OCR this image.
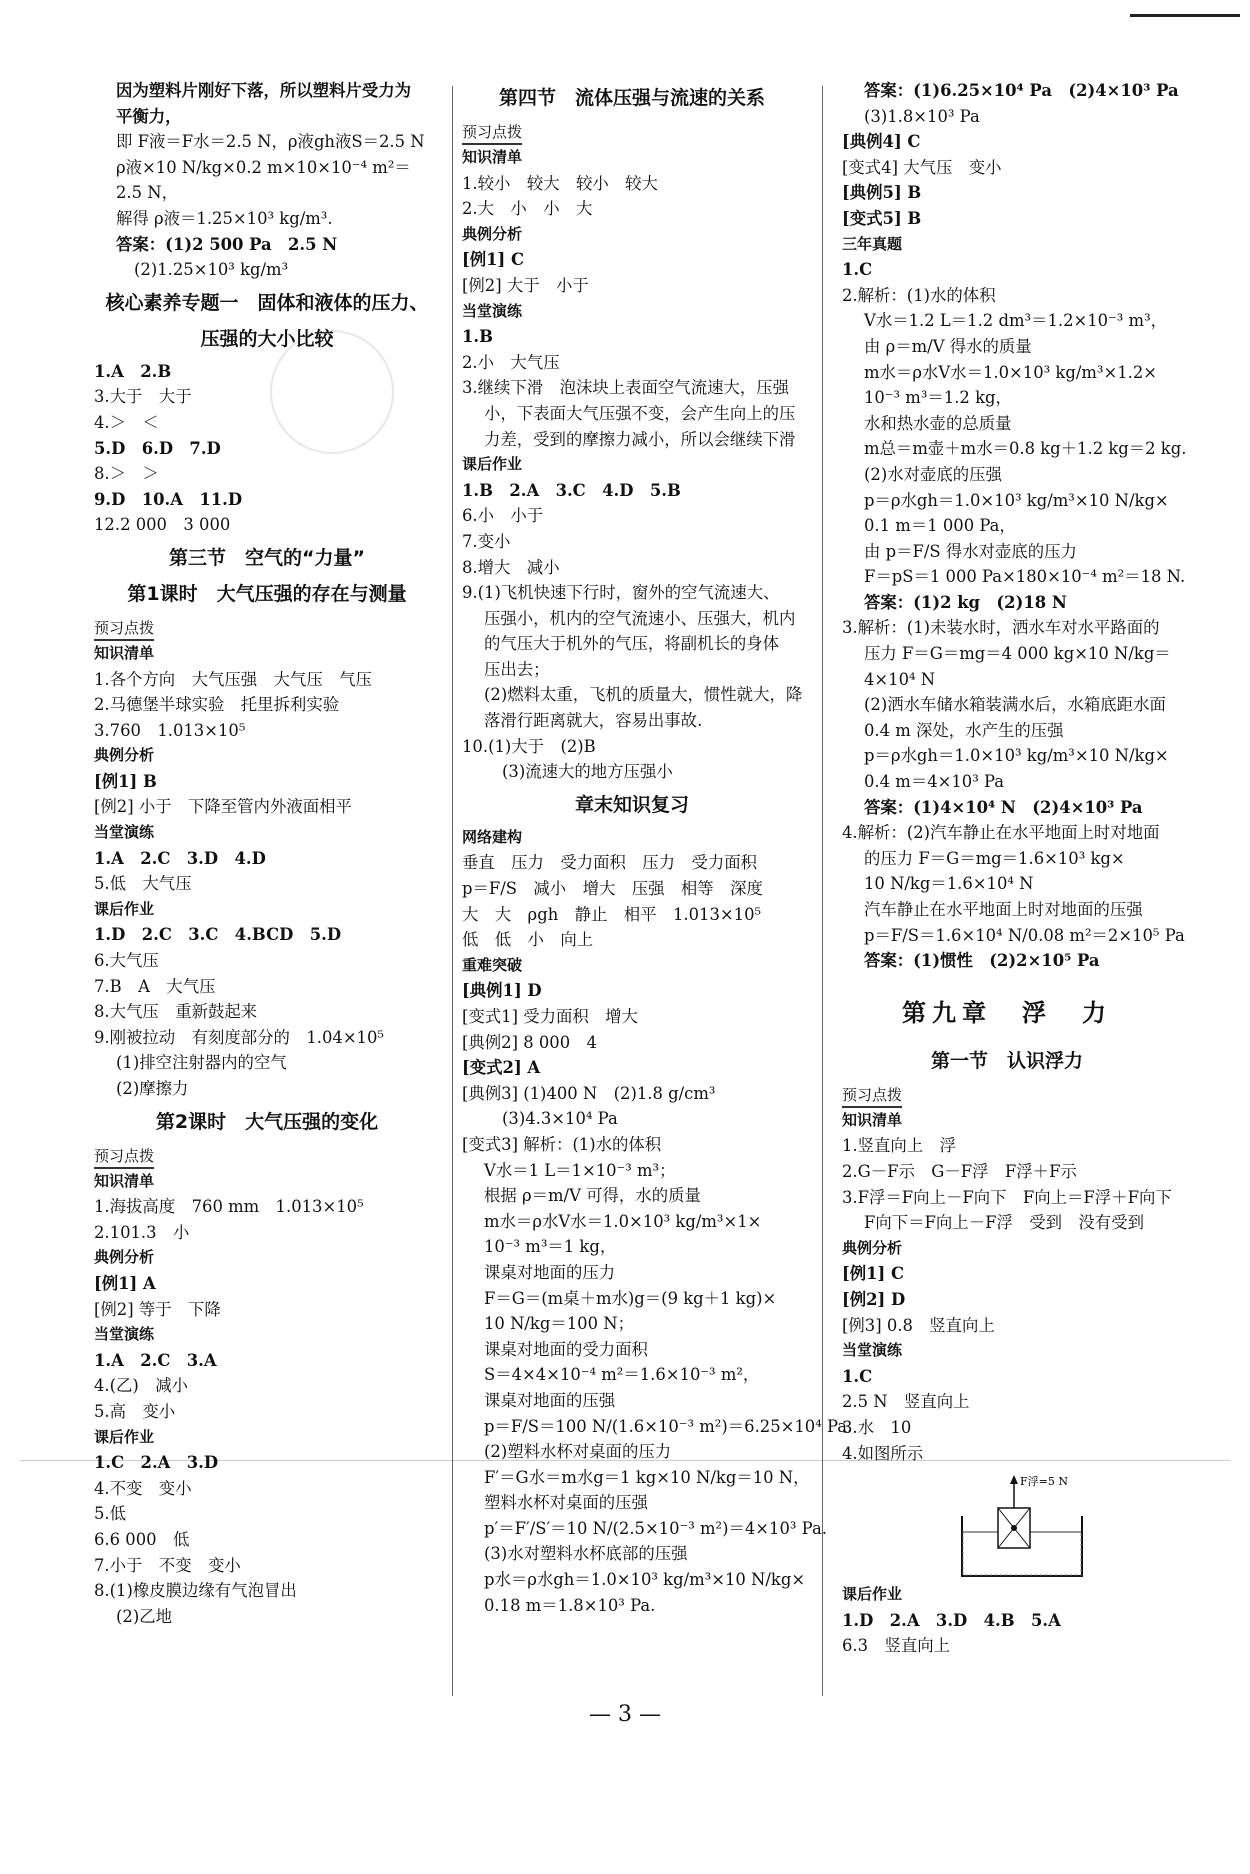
因为塑料片刚好下落，所以塑料片受力为
平衡力，
即 F液＝F水＝2.5 N，ρ液gh液S＝2.5 N
ρ液×10 N/kg×0.2 m×10×10⁻⁴ m²＝
2.5 N，
解得 ρ液＝1.25×10³ kg/m³.
答案：(1)2 500 Pa　2.5 N
(2)1.25×10³ kg/m³
核心素养专题一　固体和液体的压力、
压强的大小比较
1.A　2.B
3.大于　大于
4.＞　＜
5.D　6.D　7.D
8.＞　＞
9.D　10.A　11.D
12.2 000　3 000
第三节　空气的“力量”
第1课时　大气压强的存在与测量
预习点拨
知识清单
1.各个方向　大气压强　大气压　气压
2.马德堡半球实验　托里拆利实验
3.760　1.013×10⁵
典例分析
[例1] B
[例2] 小于　下降至管内外液面相平
当堂演练
1.A　2.C　3.D　4.D
5.低　大气压
课后作业
1.D　2.C　3.C　4.BCD　5.D
6.大气压
7.B　A　大气压
8.大气压　重新鼓起来
9.刚被拉动　有刻度部分的　1.04×10⁵
(1)排空注射器内的空气
(2)摩擦力
第2课时　大气压强的变化
预习点拨
知识清单
1.海拔高度　760 mm　1.013×10⁵
2.101.3　小
典例分析
[例1] A
[例2] 等于　下降
当堂演练
1.A　2.C　3.A
4.(乙)　减小
5.高　变小
课后作业
1.C　2.A　3.D
4.不变　变小
5.低
6.6 000　低
7.小于　不变　变小
8.(1)橡皮膜边缘有气泡冒出
(2)乙地
第四节　流体压强与流速的关系
预习点拨
知识清单
1.较小　较大　较小　较大
2.大　小　小　大
典例分析
[例1] C
[例2] 大于　小于
当堂演练
1.B
2.小　大气压
3.继续下滑　泡沫块上表面空气流速大，压强
小，下表面大气压强不变，会产生向上的压
力差，受到的摩擦力减小，所以会继续下滑
课后作业
1.B　2.A　3.C　4.D　5.B
6.小　小于
7.变小
8.增大　减小
9.(1)飞机快速下行时，窗外的空气流速大、
压强小，机内的空气流速小、压强大，机内
的气压大于机外的气压，将副机长的身体
压出去；
(2)燃料太重，飞机的质量大，惯性就大，降
落滑行距离就大，容易出事故.
10.(1)大于　(2)B
(3)流速大的地方压强小
章末知识复习
网络建构
垂直　压力　受力面积　压力　受力面积
p＝F/S　减小　增大　压强　相等　深度
大　大　ρgh　静止　相平　1.013×10⁵
低　低　小　向上
重难突破
[典例1] D
[变式1] 受力面积　增大
[典例2] 8 000　4
[变式2] A
[典例3] (1)400 N　(2)1.8 g/cm³
(3)4.3×10⁴ Pa
[变式3] 解析：(1)水的体积
V水＝1 L＝1×10⁻³ m³；
根据 ρ＝m/V 可得，水的质量
m水＝ρ水V水＝1.0×10³ kg/m³×1×
10⁻³ m³＝1 kg，
课桌对地面的压力
F＝G＝(m桌＋m水)g＝(9 kg＋1 kg)×
10 N/kg＝100 N；
课桌对地面的受力面积
S＝4×4×10⁻⁴ m²＝1.6×10⁻³ m²，
课桌对地面的压强
p＝F/S＝100 N/(1.6×10⁻³ m²)＝6.25×10⁴ Pa.
(2)塑料水杯对桌面的压力
F′＝G水＝m水g＝1 kg×10 N/kg＝10 N，
塑料水杯对桌面的压强
p′＝F′/S′＝10 N/(2.5×10⁻³ m²)＝4×10³ Pa.
(3)水对塑料水杯底部的压强
p水＝ρ水gh＝1.0×10³ kg/m³×10 N/kg×
0.18 m＝1.8×10³ Pa.
答案：(1)6.25×10⁴ Pa　(2)4×10³ Pa
(3)1.8×10³ Pa
[典例4] C
[变式4] 大气压　变小
[典例5] B
[变式5] B
三年真题
1.C
2.解析：(1)水的体积
V水＝1.2 L＝1.2 dm³＝1.2×10⁻³ m³，
由 ρ＝m/V 得水的质量
m水＝ρ水V水＝1.0×10³ kg/m³×1.2×
10⁻³ m³＝1.2 kg，
水和热水壶的总质量
m总＝m壶＋m水＝0.8 kg＋1.2 kg＝2 kg.
(2)水对壶底的压强
p＝ρ水gh＝1.0×10³ kg/m³×10 N/kg×
0.1 m＝1 000 Pa，
由 p＝F/S 得水对壶底的压力
F＝pS＝1 000 Pa×180×10⁻⁴ m²＝18 N.
答案：(1)2 kg　(2)18 N
3.解析：(1)未装水时，洒水车对水平路面的
压力 F＝G＝mg＝4 000 kg×10 N/kg＝
4×10⁴ N
(2)洒水车储水箱装满水后，水箱底距水面
0.4 m 深处，水产生的压强
p＝ρ水gh＝1.0×10³ kg/m³×10 N/kg×
0.4 m＝4×10³ Pa
答案：(1)4×10⁴ N　(2)4×10³ Pa
4.解析：(2)汽车静止在水平地面上时对地面
的压力 F＝G＝mg＝1.6×10³ kg×
10 N/kg＝1.6×10⁴ N
汽车静止在水平地面上时对地面的压强
p＝F/S＝1.6×10⁴ N/0.08 m²＝2×10⁵ Pa
答案：(1)惯性　(2)2×10⁵ Pa
第九章　浮　力
第一节　认识浮力
预习点拨
知识清单
1.竖直向上　浮
2.G－F示　G－F浮　F浮＋F示
3.F浮＝F向上－F向下　F向上＝F浮＋F向下
F向下＝F向上－F浮　受到　没有受到
典例分析
[例1] C
[例2] D
[例3] 0.8　竖直向上
当堂演练
1.C
2.5 N　竖直向上
3.水　10
4.如图所示
F浮=5 N
课后作业
1.D　2.A　3.D　4.B　5.A
6.3　竖直向上
— 3 —
